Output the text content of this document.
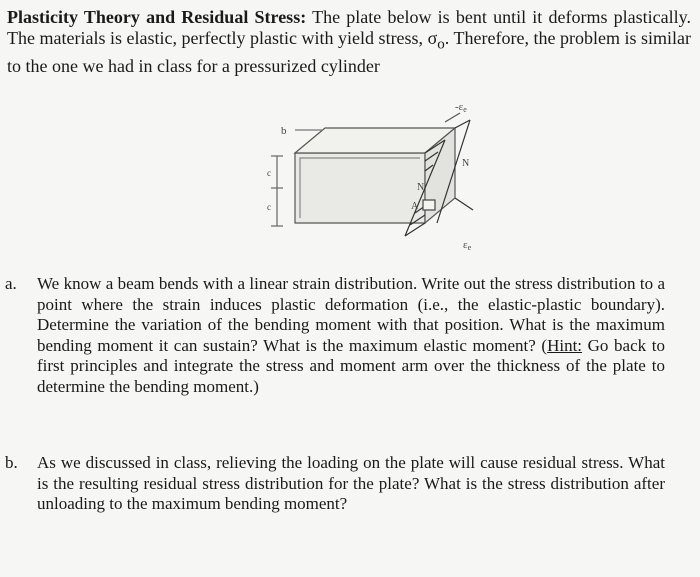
Plasticity Theory and Residual Stress: The plate below is bent until it deforms plastically. The materials is elastic, perfectly plastic with yield stress, $\sigma_o$. Therefore, the problem is similar to the one we had in class for a pressurized cylinder
b
c
c
N
N
A
-εe
εe
a.	We know a beam bends with a linear strain distribution. Write out the stress distribution to a point where the strain induces plastic deformation (i.e., the elastic-plastic boundary). Determine the variation of the bending moment with that position. What is the maximum bending moment it can sustain? What is the maximum elastic moment? (Hint: Go back to first principles and integrate the stress and moment arm over the thickness of the plate to determine the bending moment.)
b.	As we discussed in class, relieving the loading on the plate will cause residual stress. What is the resulting residual stress distribution for the plate? What is the stress distribution after unloading to the maximum bending moment?
